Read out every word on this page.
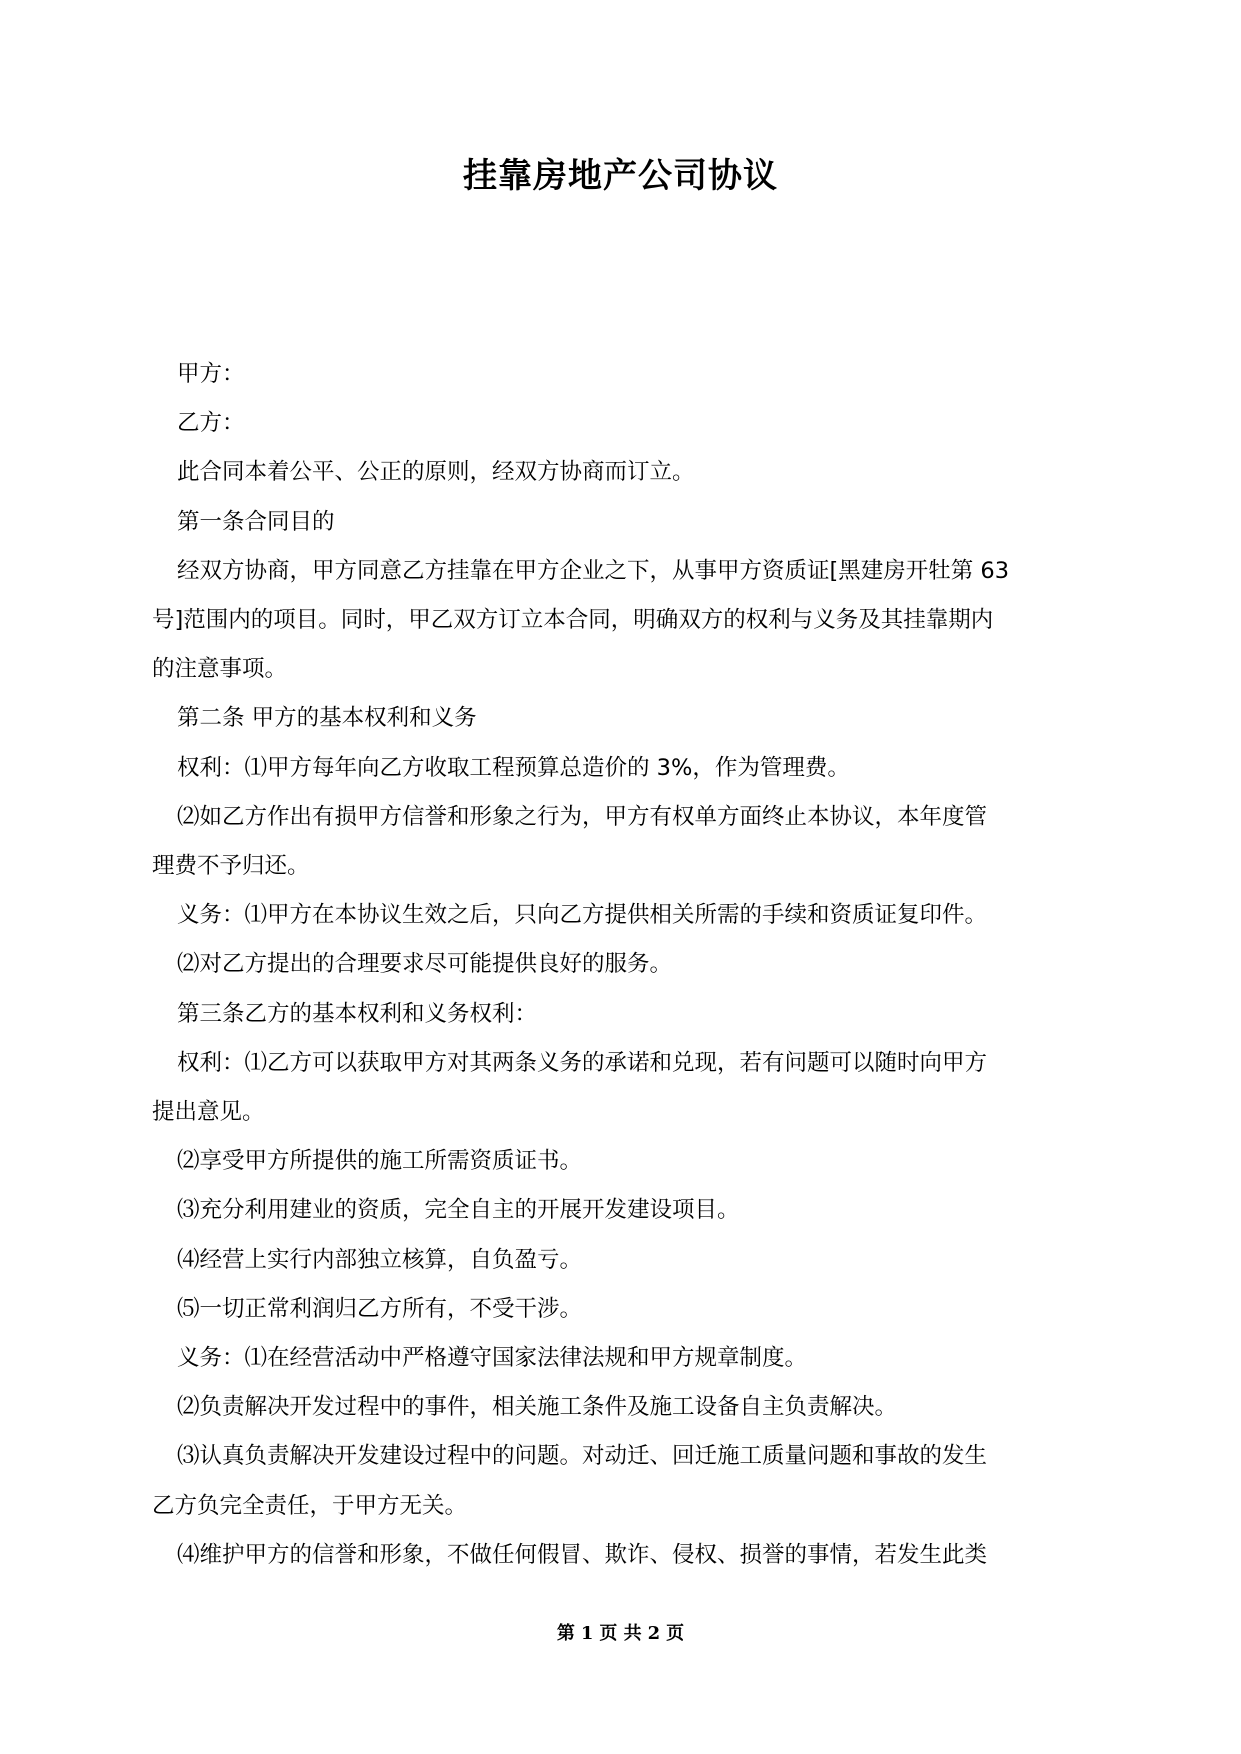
挂靠房地产公司协议

甲方：

乙方：

此合同本着公平、公正的原则，经双方协商而订立。

第一条合同目的

经双方协商，甲方同意乙方挂靠在甲方企业之下，从事甲方资质证[黑建房开牡第 63
号]范围内的项目。同时，甲乙双方订立本合同，明确双方的权利与义务及其挂靠期内
的注意事项。

第二条 甲方的基本权利和义务

权利：⑴甲方每年向乙方收取工程预算总造价的 3%，作为管理费。

⑵如乙方作出有损甲方信誉和形象之行为，甲方有权单方面终止本协议，本年度管
理费不予归还。

义务：⑴甲方在本协议生效之后，只向乙方提供相关所需的手续和资质证复印件。

⑵对乙方提出的合理要求尽可能提供良好的服务。

第三条乙方的基本权利和义务权利：

权利：⑴乙方可以获取甲方对其两条义务的承诺和兑现，若有问题可以随时向甲方
提出意见。

⑵享受甲方所提供的施工所需资质证书。

⑶充分利用建业的资质，完全自主的开展开发建设项目。

⑷经营上实行内部独立核算，自负盈亏。

⑸一切正常利润归乙方所有，不受干涉。

义务：⑴在经营活动中严格遵守国家法律法规和甲方规章制度。

⑵负责解决开发过程中的事件，相关施工条件及施工设备自主负责解决。

⑶认真负责解决开发建设过程中的问题。对动迁、回迁施工质量问题和事故的发生
乙方负完全责任，于甲方无关。

⑷维护甲方的信誉和形象，不做任何假冒、欺诈、侵权、损誉的事情，若发生此类

第 1 页 共 2 页
